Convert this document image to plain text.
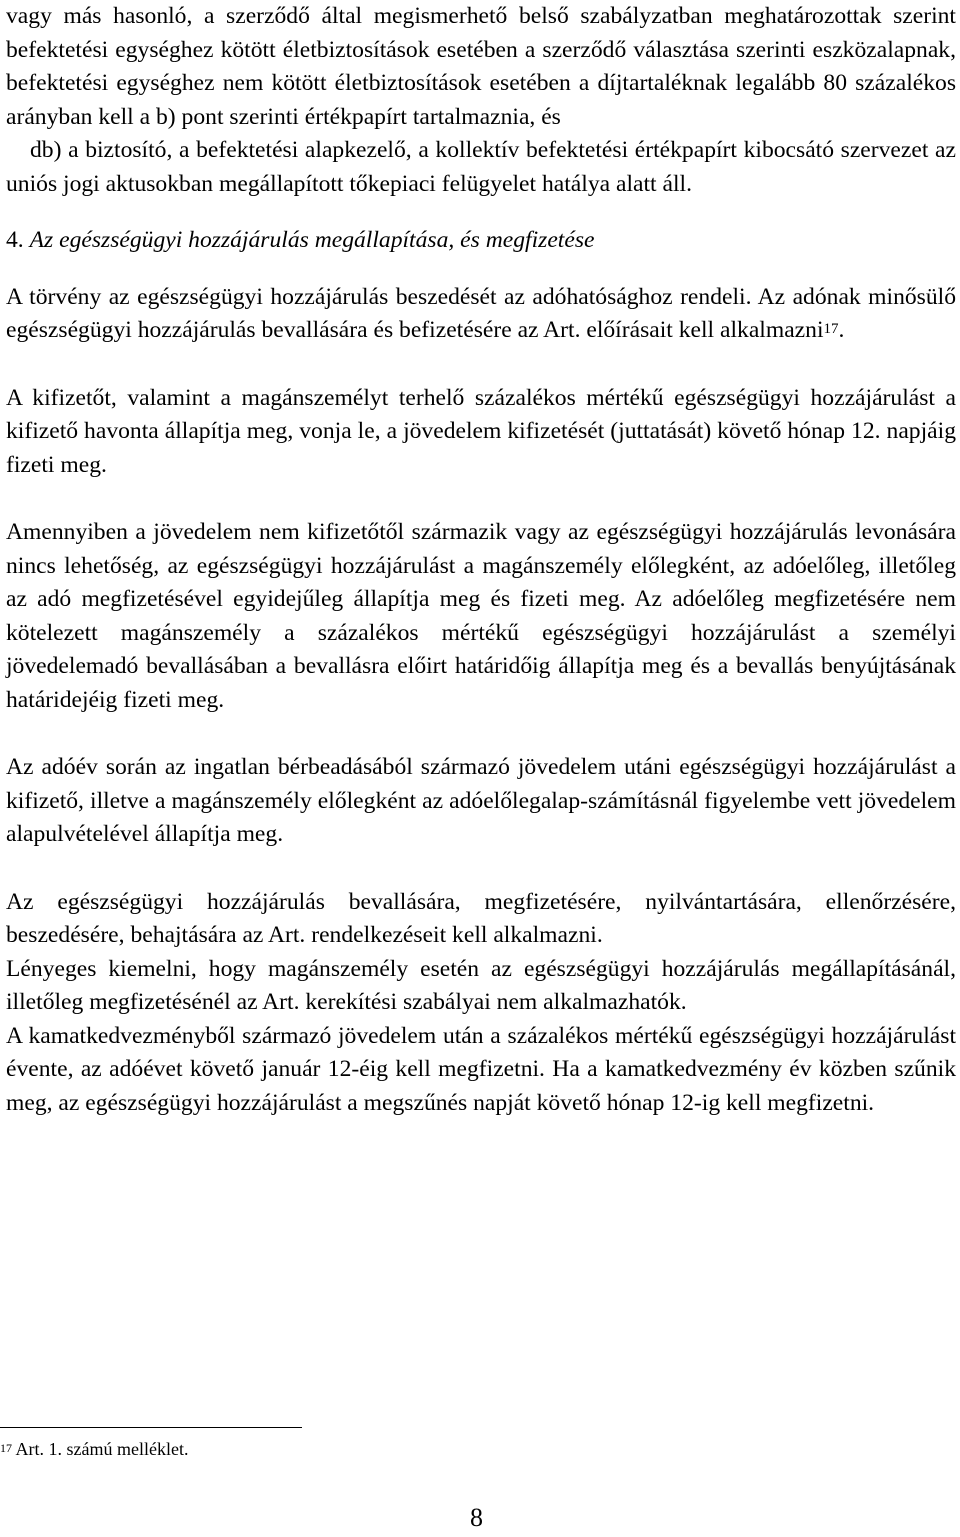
vagy más hasonló, a szerződő által megismerhető belső szabályzatban meghatározottak szerint befektetési egységhez kötött életbiztosítások esetében a szerződő választása szerinti eszközalapnak, befektetési egységhez nem kötött életbiztosítások esetében a díjtartaléknak legalább 80 százalékos arányban kell a b) pont szerinti értékpapírt tartalmaznia, és

db) a biztosító, a befektetési alapkezelő, a kollektív befektetési értékpapírt kibocsátó szervezet az uniós jogi aktusokban megállapított tőkepiaci felügyelet hatálya alatt áll.

4. Az egészségügyi hozzájárulás megállapítása, és megfizetése

A törvény az egészségügyi hozzájárulás beszedését az adóhatósághoz rendeli. Az adónak minősülő egészségügyi hozzájárulás bevallására és befizetésére az Art. előírásait kell alkalmazni$^{17}$.

A kifizetőt, valamint a magánszemélyt terhelő százalékos mértékű egészségügyi hozzájárulást a kifizető havonta állapítja meg, vonja le, a jövedelem kifizetését (juttatását) követő hónap 12. napjáig fizeti meg.

Amennyiben a jövedelem nem kifizetőtől származik vagy az egészségügyi hozzájárulás levonására nincs lehetőség, az egészségügyi hozzájárulást a magánszemély előlegként, az adóelőleg, illetőleg az adó megfizetésével egyidejűleg állapítja meg és fizeti meg. Az adóelőleg megfizetésére nem kötelezett magánszemély a százalékos mértékű egészségügyi hozzájárulást a személyi jövedelemadó bevallásában a bevallásra előirt határidőig állapítja meg és a bevallás benyújtásának határidejéig fizeti meg.

Az adóév során az ingatlan bérbeadásából származó jövedelem utáni egészségügyi hozzájárulást a kifizető, illetve a magánszemély előlegként az adóelőlegalap-számításnál figyelembe vett jövedelem alapulvételével állapítja meg.

Az egészségügyi hozzájárulás bevallására, megfizetésére, nyilvántartására, ellenőrzésére, beszedésére, behajtására az Art. rendelkezéseit kell alkalmazni.

Lényeges kiemelni, hogy magánszemély esetén az egészségügyi hozzájárulás megállapításánál, illetőleg megfizetésénél az Art. kerekítési szabályai nem alkalmazhatók.

A kamatkedvezményből származó jövedelem után a százalékos mértékű egészségügyi hozzájárulást évente, az adóévet követő január 12-éig kell megfizetni. Ha a kamatkedvezmény év közben szűnik meg, az egészségügyi hozzájárulást a megszűnés napját követő hónap 12-ig kell megfizetni.

$^{17}$ Art. 1. számú melléklet.
8
